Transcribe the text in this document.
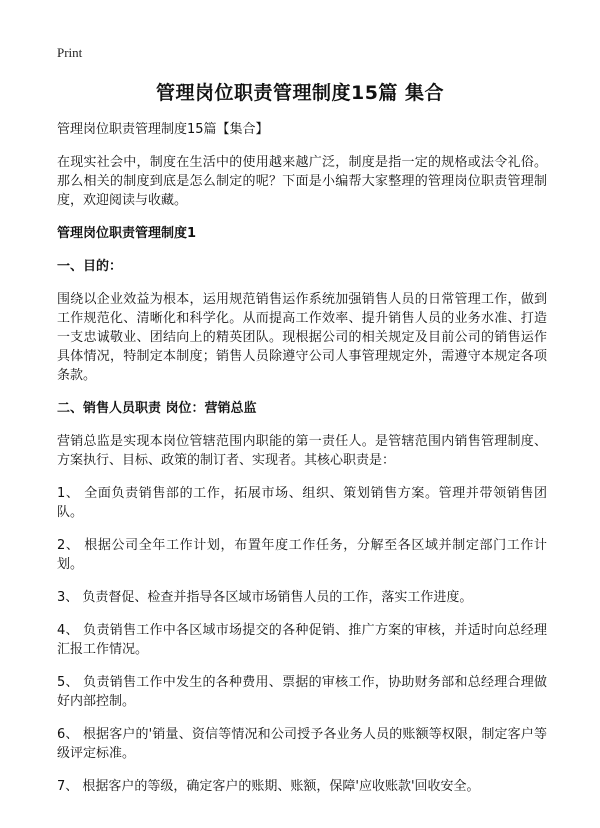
Print
管理岗位职责管理制度15篇 集合

管理岗位职责管理制度15篇【集合】

在现实社会中，制度在生活中的使用越来越广泛，制度是指一定的规格或法令礼俗。那么相关的制度到底是怎么制定的呢？下面是小编帮大家整理的管理岗位职责管理制度，欢迎阅读与收藏。

管理岗位职责管理制度1

一、目的：

围绕以企业效益为根本，运用规范销售运作系统加强销售人员的日常管理工作，做到工作规范化、清晰化和科学化。从而提高工作效率、提升销售人员的业务水准、打造一支忠诚敬业、团结向上的精英团队。现根据公司的相关规定及目前公司的销售运作具体情况，特制定本制度；销售人员除遵守公司人事管理规定外，需遵守本规定各项条款。

二、销售人员职责 岗位：营销总监

营销总监是实现本岗位管辖范围内职能的第一责任人。是管辖范围内销售管理制度、方案执行、目标、政策的制订者、实现者。其核心职责是：

1、 全面负责销售部的工作，拓展市场、组织、策划销售方案。管理并带领销售团队。
2、 根据公司全年工作计划，布置年度工作任务，分解至各区域并制定部门工作计划。
3、 负责督促、检查并指导各区域市场销售人员的工作，落实工作进度。
4、 负责销售工作中各区域市场提交的各种促销、推广方案的审核，并适时向总经理汇报工作情况。
5、 负责销售工作中发生的各种费用、票据的审核工作，协助财务部和总经理合理做好内部控制。
6、 根据客户的'销量、资信等情况和公司授予各业务人员的账额等权限，制定客户等级评定标准。
7、 根据客户的等级，确定客户的账期、账额，保障'应收账款'回收安全。
